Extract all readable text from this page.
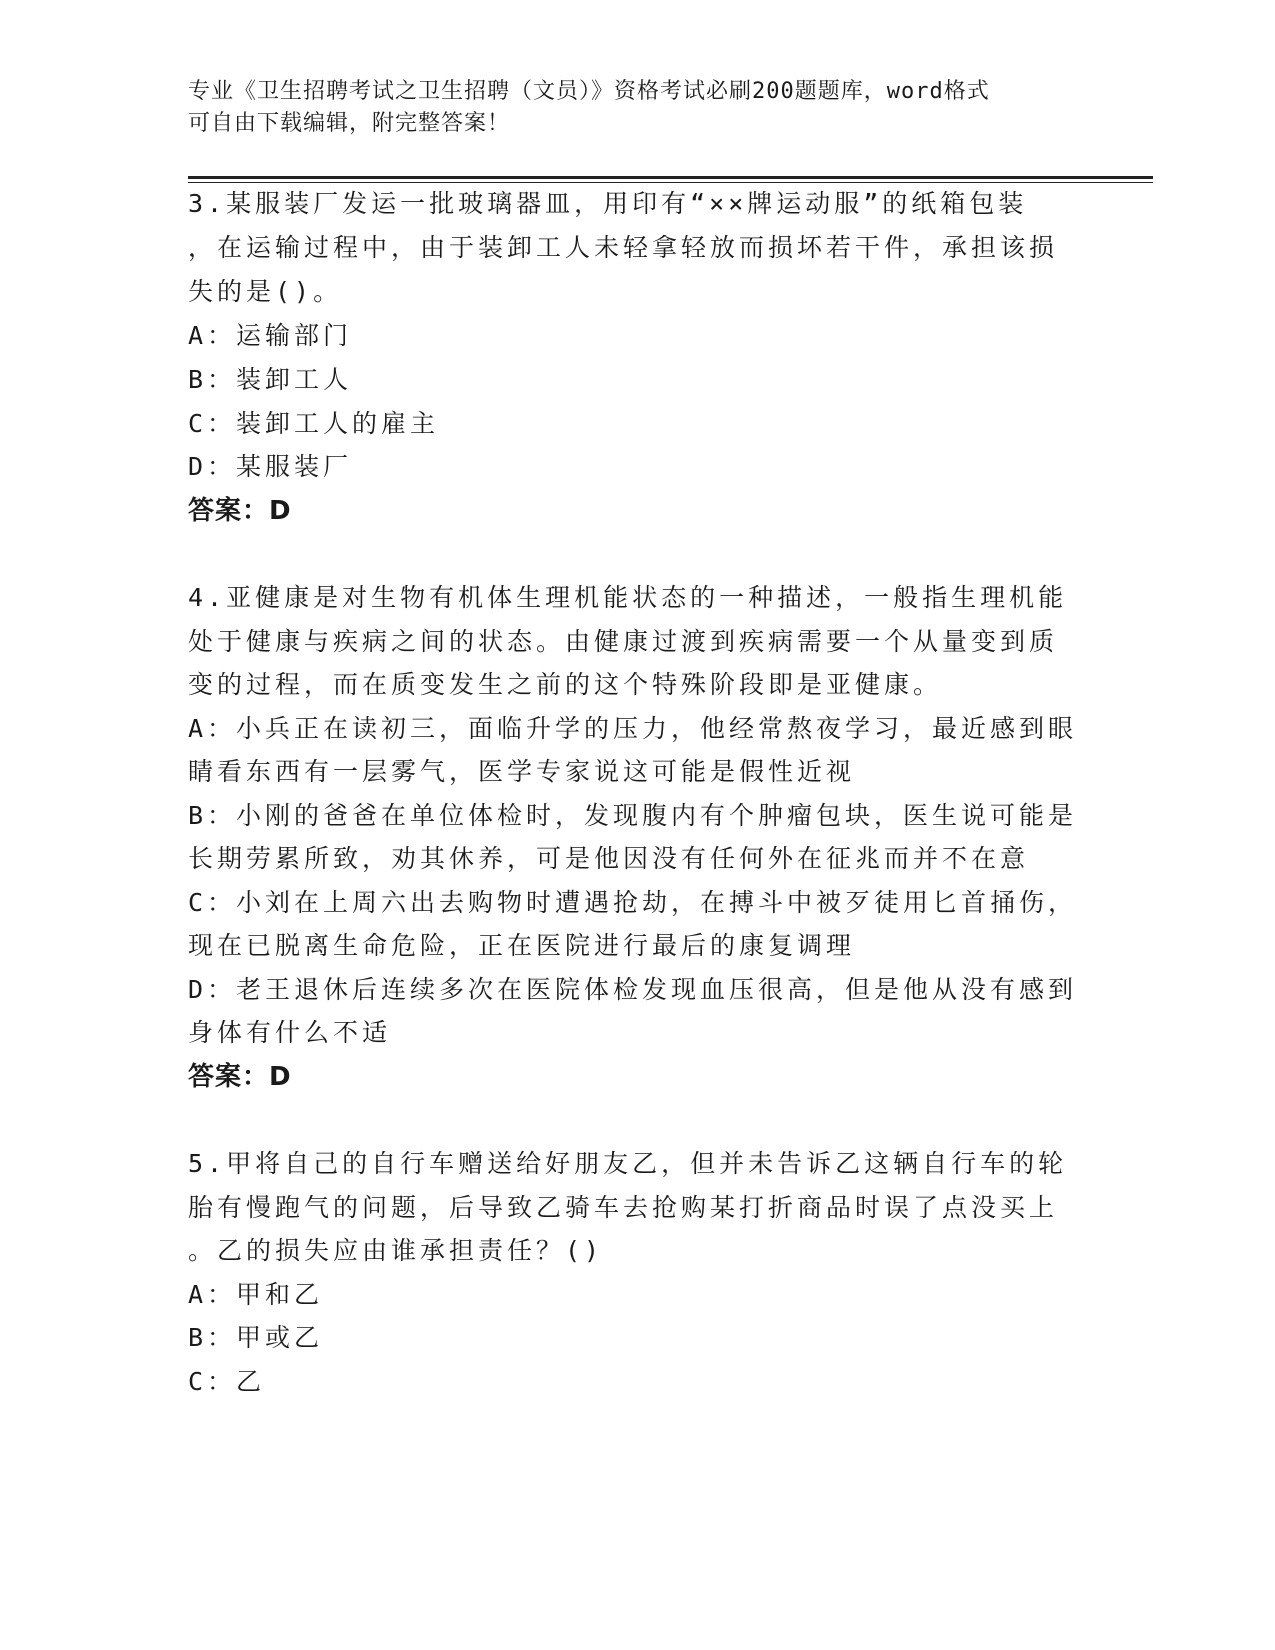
专业《卫生招聘考试之卫生招聘（文员）》资格考试必刷200题题库，word格式
可自由下载编辑，附完整答案！
3.某服装厂发运一批玻璃器皿，用印有“××牌运动服”的纸箱包装
，在运输过程中，由于装卸工人未轻拿轻放而损坏若干件，承担该损
失的是()。
A：运输部门
B：装卸工人
C：装卸工人的雇主
D：某服装厂
答案：D
4.亚健康是对生物有机体生理机能状态的一种描述，一般指生理机能
处于健康与疾病之间的状态。由健康过渡到疾病需要一个从量变到质
变的过程，而在质变发生之前的这个特殊阶段即是亚健康。
A：小兵正在读初三，面临升学的压力，他经常熬夜学习，最近感到眼
睛看东西有一层雾气，医学专家说这可能是假性近视
B：小刚的爸爸在单位体检时，发现腹内有个肿瘤包块，医生说可能是
长期劳累所致，劝其休养，可是他因没有任何外在征兆而并不在意
C：小刘在上周六出去购物时遭遇抢劫，在搏斗中被歹徒用匕首捅伤，
现在已脱离生命危险，正在医院进行最后的康复调理
D：老王退休后连续多次在医院体检发现血压很高，但是他从没有感到
身体有什么不适
答案：D
5.甲将自己的自行车赠送给好朋友乙，但并未告诉乙这辆自行车的轮
胎有慢跑气的问题，后导致乙骑车去抢购某打折商品时误了点没买上
。乙的损失应由谁承担责任？()
A：甲和乙
B：甲或乙
C：乙
